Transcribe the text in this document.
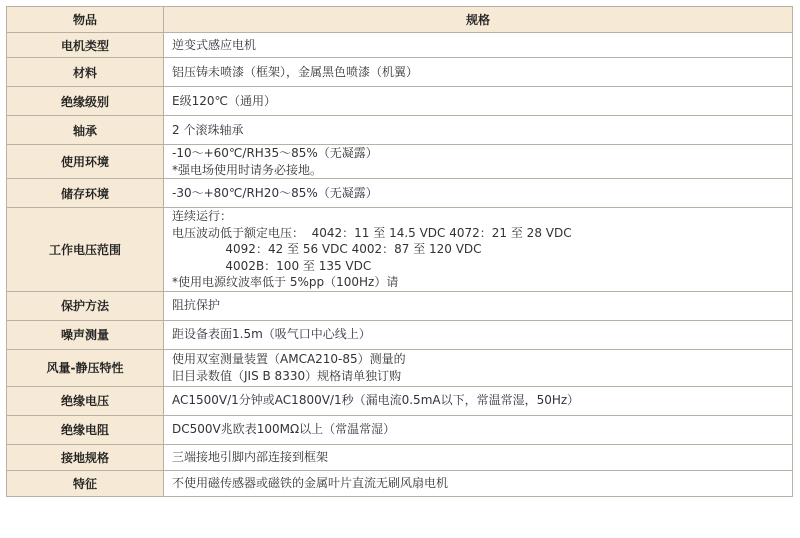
物品	规格
电机类型	逆变式感应电机

材料	铝压铸未喷漆（框架），金属黑色喷漆（机翼）

绝缘级别	E级120℃（通用）

轴承	2 个滚珠轴承

使用环境	-10～+60℃/RH35～85%（无凝露）
*强电场使用时请务必接地。

储存环境	-30～+80℃/RH20～85%（无凝露）

工作电压范围	连续运行：
电压波动低于额定电压：  4042：11 至 14.5 VDC 4072：21 至 28 VDC
4092：42 至 56 VDC 4002：87 至 120 VDC
4002B：100 至 135 VDC
*使用电源纹波率低于 5%pp（100Hz）请

保护方法	阻抗保护

噪声测量	距设备表面1.5m（吸气口中心线上）

风量-静压特性	使用双室测量装置（AMCA210-85）测量的
旧目录数值（JIS B 8330）规格请单独订购

绝缘电压	AC1500V/1分钟或AC1800V/1秒（漏电流0.5mA以下，常温常湿，50Hz）

绝缘电阻	DC500V兆欧表100MΩ以上（常温常湿）

接地规格	三端接地引脚内部连接到框架

特征	不使用磁传感器或磁铁的金属叶片直流无刷风扇电机
